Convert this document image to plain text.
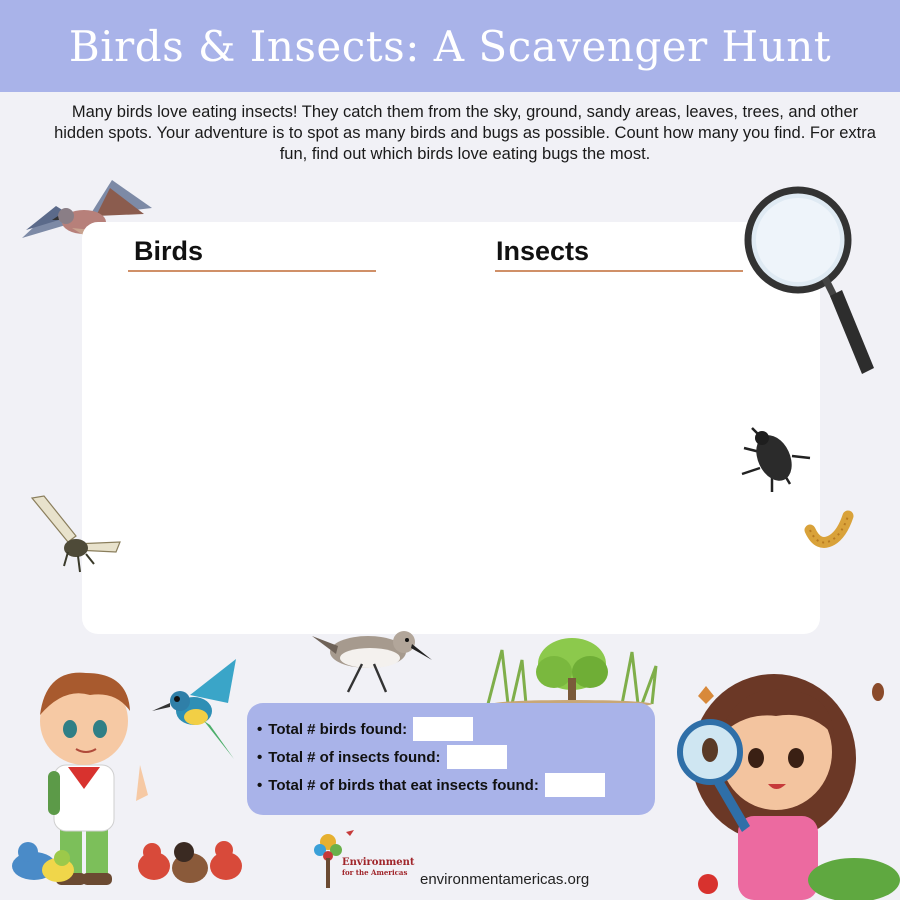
Birds & Insects: A Scavenger Hunt

Many birds love eating insects! They catch them from the sky, ground, sandy areas, leaves, trees, and other hidden spots. Your adventure is to spot as many birds and bugs as possible. Count how many you find. For extra fun, find out which birds love eating bugs the most.

Birds	Insects
• Total # birds found:
• Total # of insects found:
• Total # of birds that eat insects found:
Environment
for the Americas environmentamericas.org
